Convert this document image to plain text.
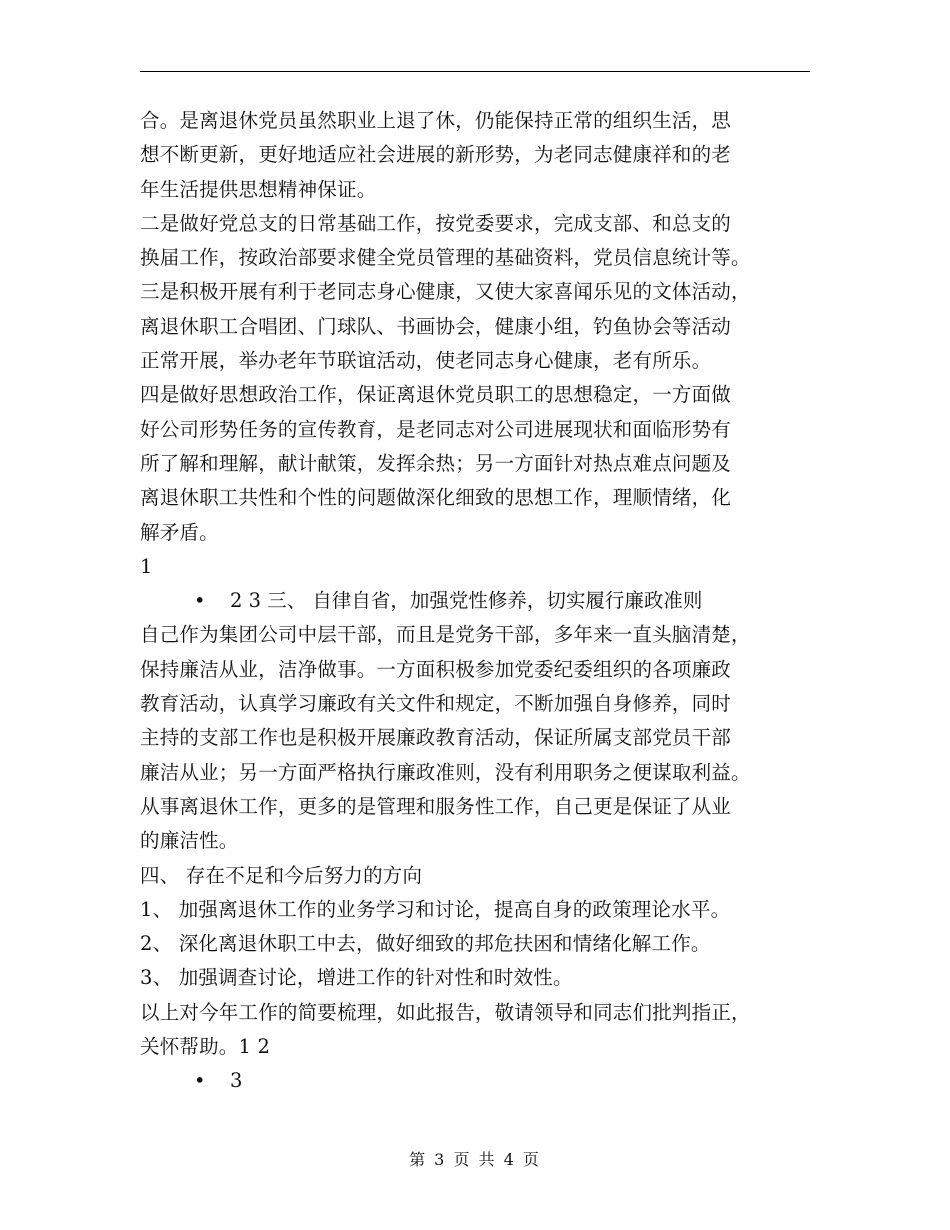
合。是离退休党员虽然职业上退了休，仍能保持正常的组织生活，思
想不断更新，更好地适应社会进展的新形势，为老同志健康祥和的老
年生活提供思想精神保证。
二是做好党总支的日常基础工作，按党委要求，完成支部、和总支的
换届工作，按政治部要求健全党员管理的基础资料，党员信息统计等。
三是积极开展有利于老同志身心健康，又使大家喜闻乐见的文体活动，
离退休职工合唱团、门球队、书画协会，健康小组，钓鱼协会等活动
正常开展，举办老年节联谊活动，使老同志身心健康，老有所乐。
四是做好思想政治工作，保证离退休党员职工的思想稳定，一方面做
好公司形势任务的宣传教育，是老同志对公司进展现状和面临形势有
所了解和理解，献计献策，发挥余热；另一方面针对热点难点问题及
离退休职工共性和个性的问题做深化细致的思想工作，理顺情绪，化
解矛盾。
1
• 2 3 三、 自律自省，加强党性修养，切实履行廉政准则
自己作为集团公司中层干部，而且是党务干部，多年来一直头脑清楚，
保持廉洁从业，洁净做事。一方面积极参加党委纪委组织的各项廉政
教育活动，认真学习廉政有关文件和规定，不断加强自身修养，同时
主持的支部工作也是积极开展廉政教育活动，保证所属支部党员干部
廉洁从业；另一方面严格执行廉政准则，没有利用职务之便谋取利益。
从事离退休工作，更多的是管理和服务性工作，自己更是保证了从业
的廉洁性。
四、 存在不足和今后努力的方向
1、 加强离退休工作的业务学习和讨论，提高自身的政策理论水平。
2、 深化离退休职工中去，做好细致的邦危扶困和情绪化解工作。
3、 加强调查讨论，增进工作的针对性和时效性。
以上对今年工作的简要梳理，如此报告，敬请领导和同志们批判指正，
关怀帮助。1 2
• 3
第 3 页 共 4 页
